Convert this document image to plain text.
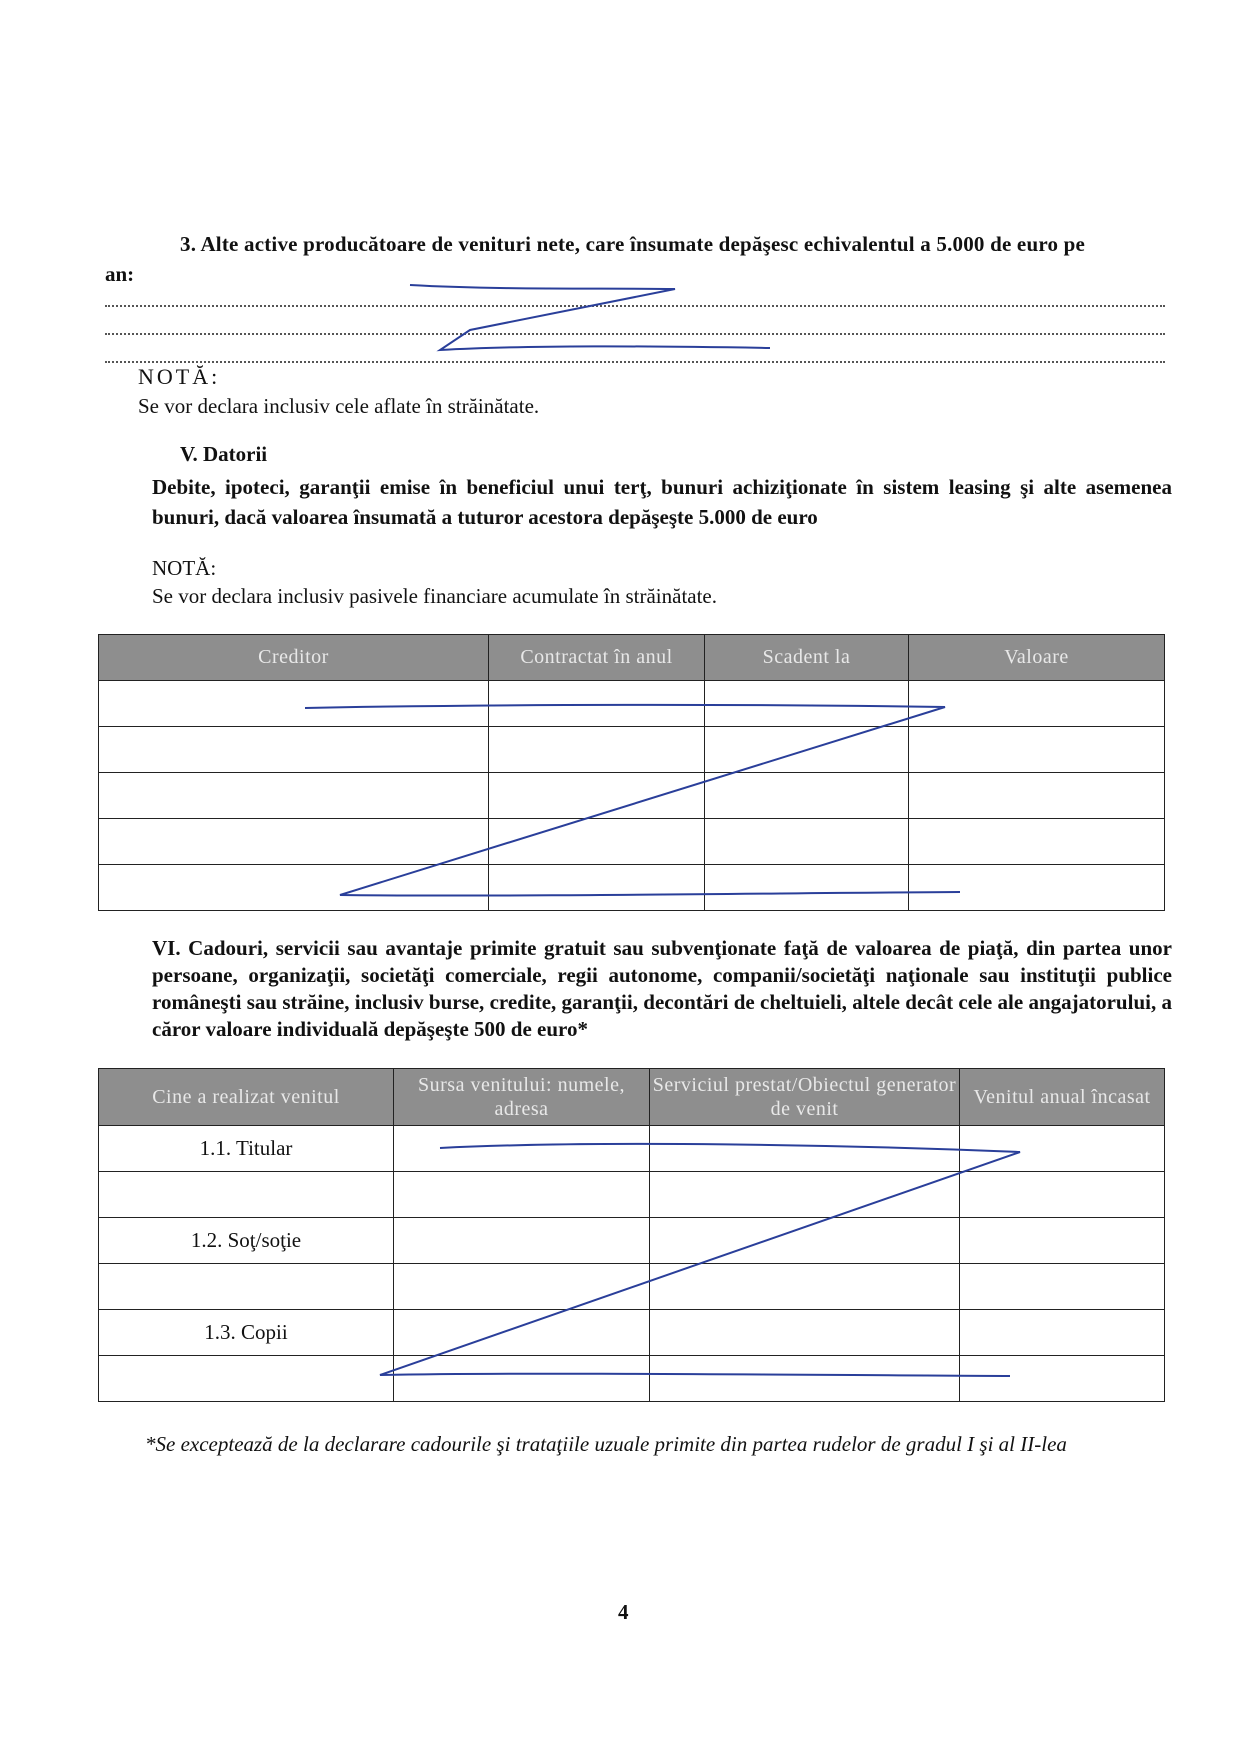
3. Alte active producătoare de venituri nete, care însumate depăşesc echivalentul a 5.000 de euro pe
an:
NOTĂ:
Se vor declara inclusiv cele aflate în străinătate.
V. Datorii
Debite, ipoteci, garanţii emise în beneficiul unui terţ, bunuri achiziţionate în sistem leasing şi alte asemenea bunuri, dacă valoarea însumată a tuturor acestora depăşeşte 5.000 de euro
NOTĂ:
Se vor declara inclusiv pasivele financiare acumulate în străinătate.
Creditor	Contractat în anul	Scadent la	Valoare

VI. Cadouri, servicii sau avantaje primite gratuit sau subvenţionate faţă de valoarea de piaţă, din partea unor persoane, organizaţii, societăţi comerciale, regii autonome, companii/societăţi naţionale sau instituţii publice româneşti sau străine, inclusiv burse, credite, garanţii, decontări de cheltuieli, altele decât cele ale angajatorului, a căror valoare individuală depăşeşte 500 de euro*
Cine a realizat venitul	Sursa venitului: numele, adresa	Serviciul prestat/Obiectul generator de venit	Venitul anual încasat
1.1. Titular			

1.2. Soţ/soţie			

1.3. Copii			

*Se exceptează de la declarare cadourile şi trataţiile uzuale primite din partea rudelor de gradul I şi al II-lea
4
